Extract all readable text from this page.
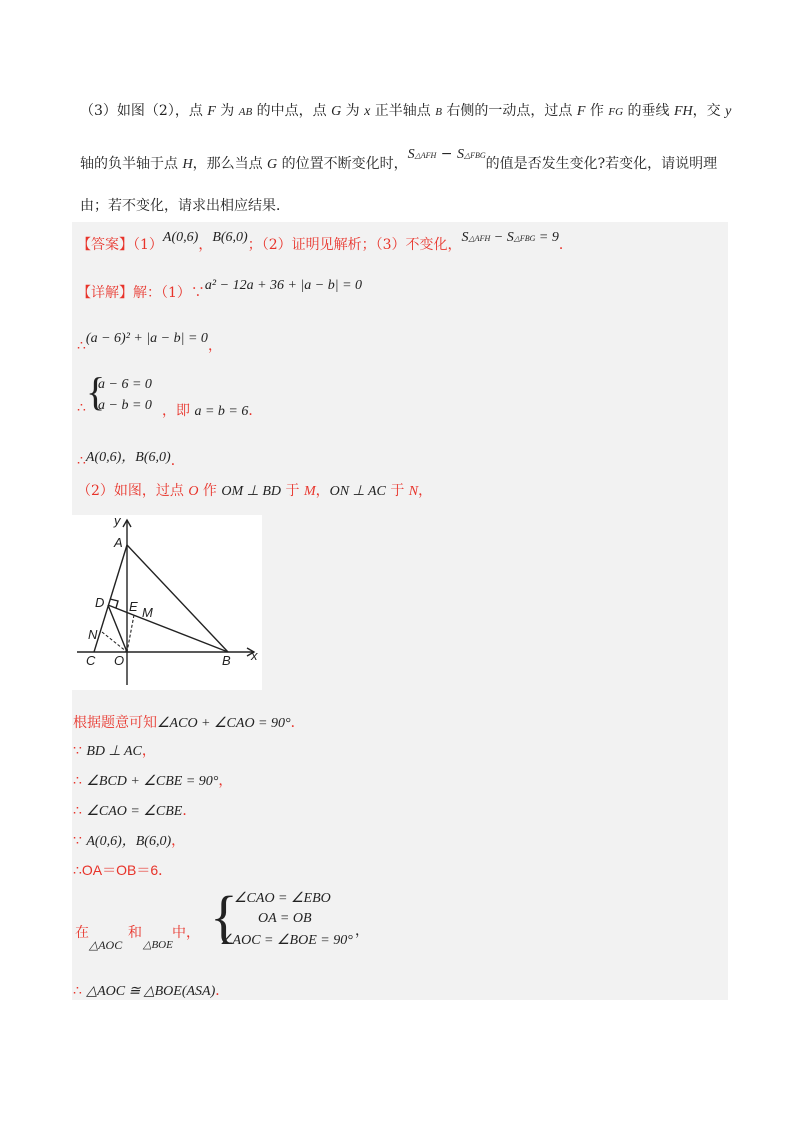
（3）如图（2），点 F 为 AB 的中点，点 G 为 x 正半轴点 B 右侧的一动点，过点 F 作 FG 的垂线 FH，交 y
轴的负半轴于点 H，那么当点 G 的位置不断变化时，S△AFH − S△FBG的值是否发生变化?若变化，请说明理
由；若不变化，请求出相应结果．
【答案】（1）A(0,6)，B(6,0)；（2）证明见解析；（3）不变化，S△AFH − S△FBG = 9．
【详解】解：（1）∵a² − 12a + 36 + |a − b| = 0
∴(a − 6)² + |a − b| = 0，
∴ {
a − 6 = 0
a − b = 0 ，即 a = b = 6．
∴A(0,6)，B(6,0)．
（2）如图，过点 O 作 OM ⊥ BD 于 M，ON ⊥ AC 于 N，
y
x
A
B
C
D E M
N
O
根据题意可知∠ACO + ∠CAO = 90°．
∵ BD ⊥ AC，
∴ ∠BCD + ∠CBE = 90°，
∴ ∠CAO = ∠CBE．
∵ A(0,6)，B(6,0)，
∴OA＝OB＝6．
在	和 中，
△AOC △BOE {
∠CAO = ∠EBO
OA = OB
∠AOC = ∠BOE = 90°
，
∴ △AOC ≅ △BOE(ASA)．
